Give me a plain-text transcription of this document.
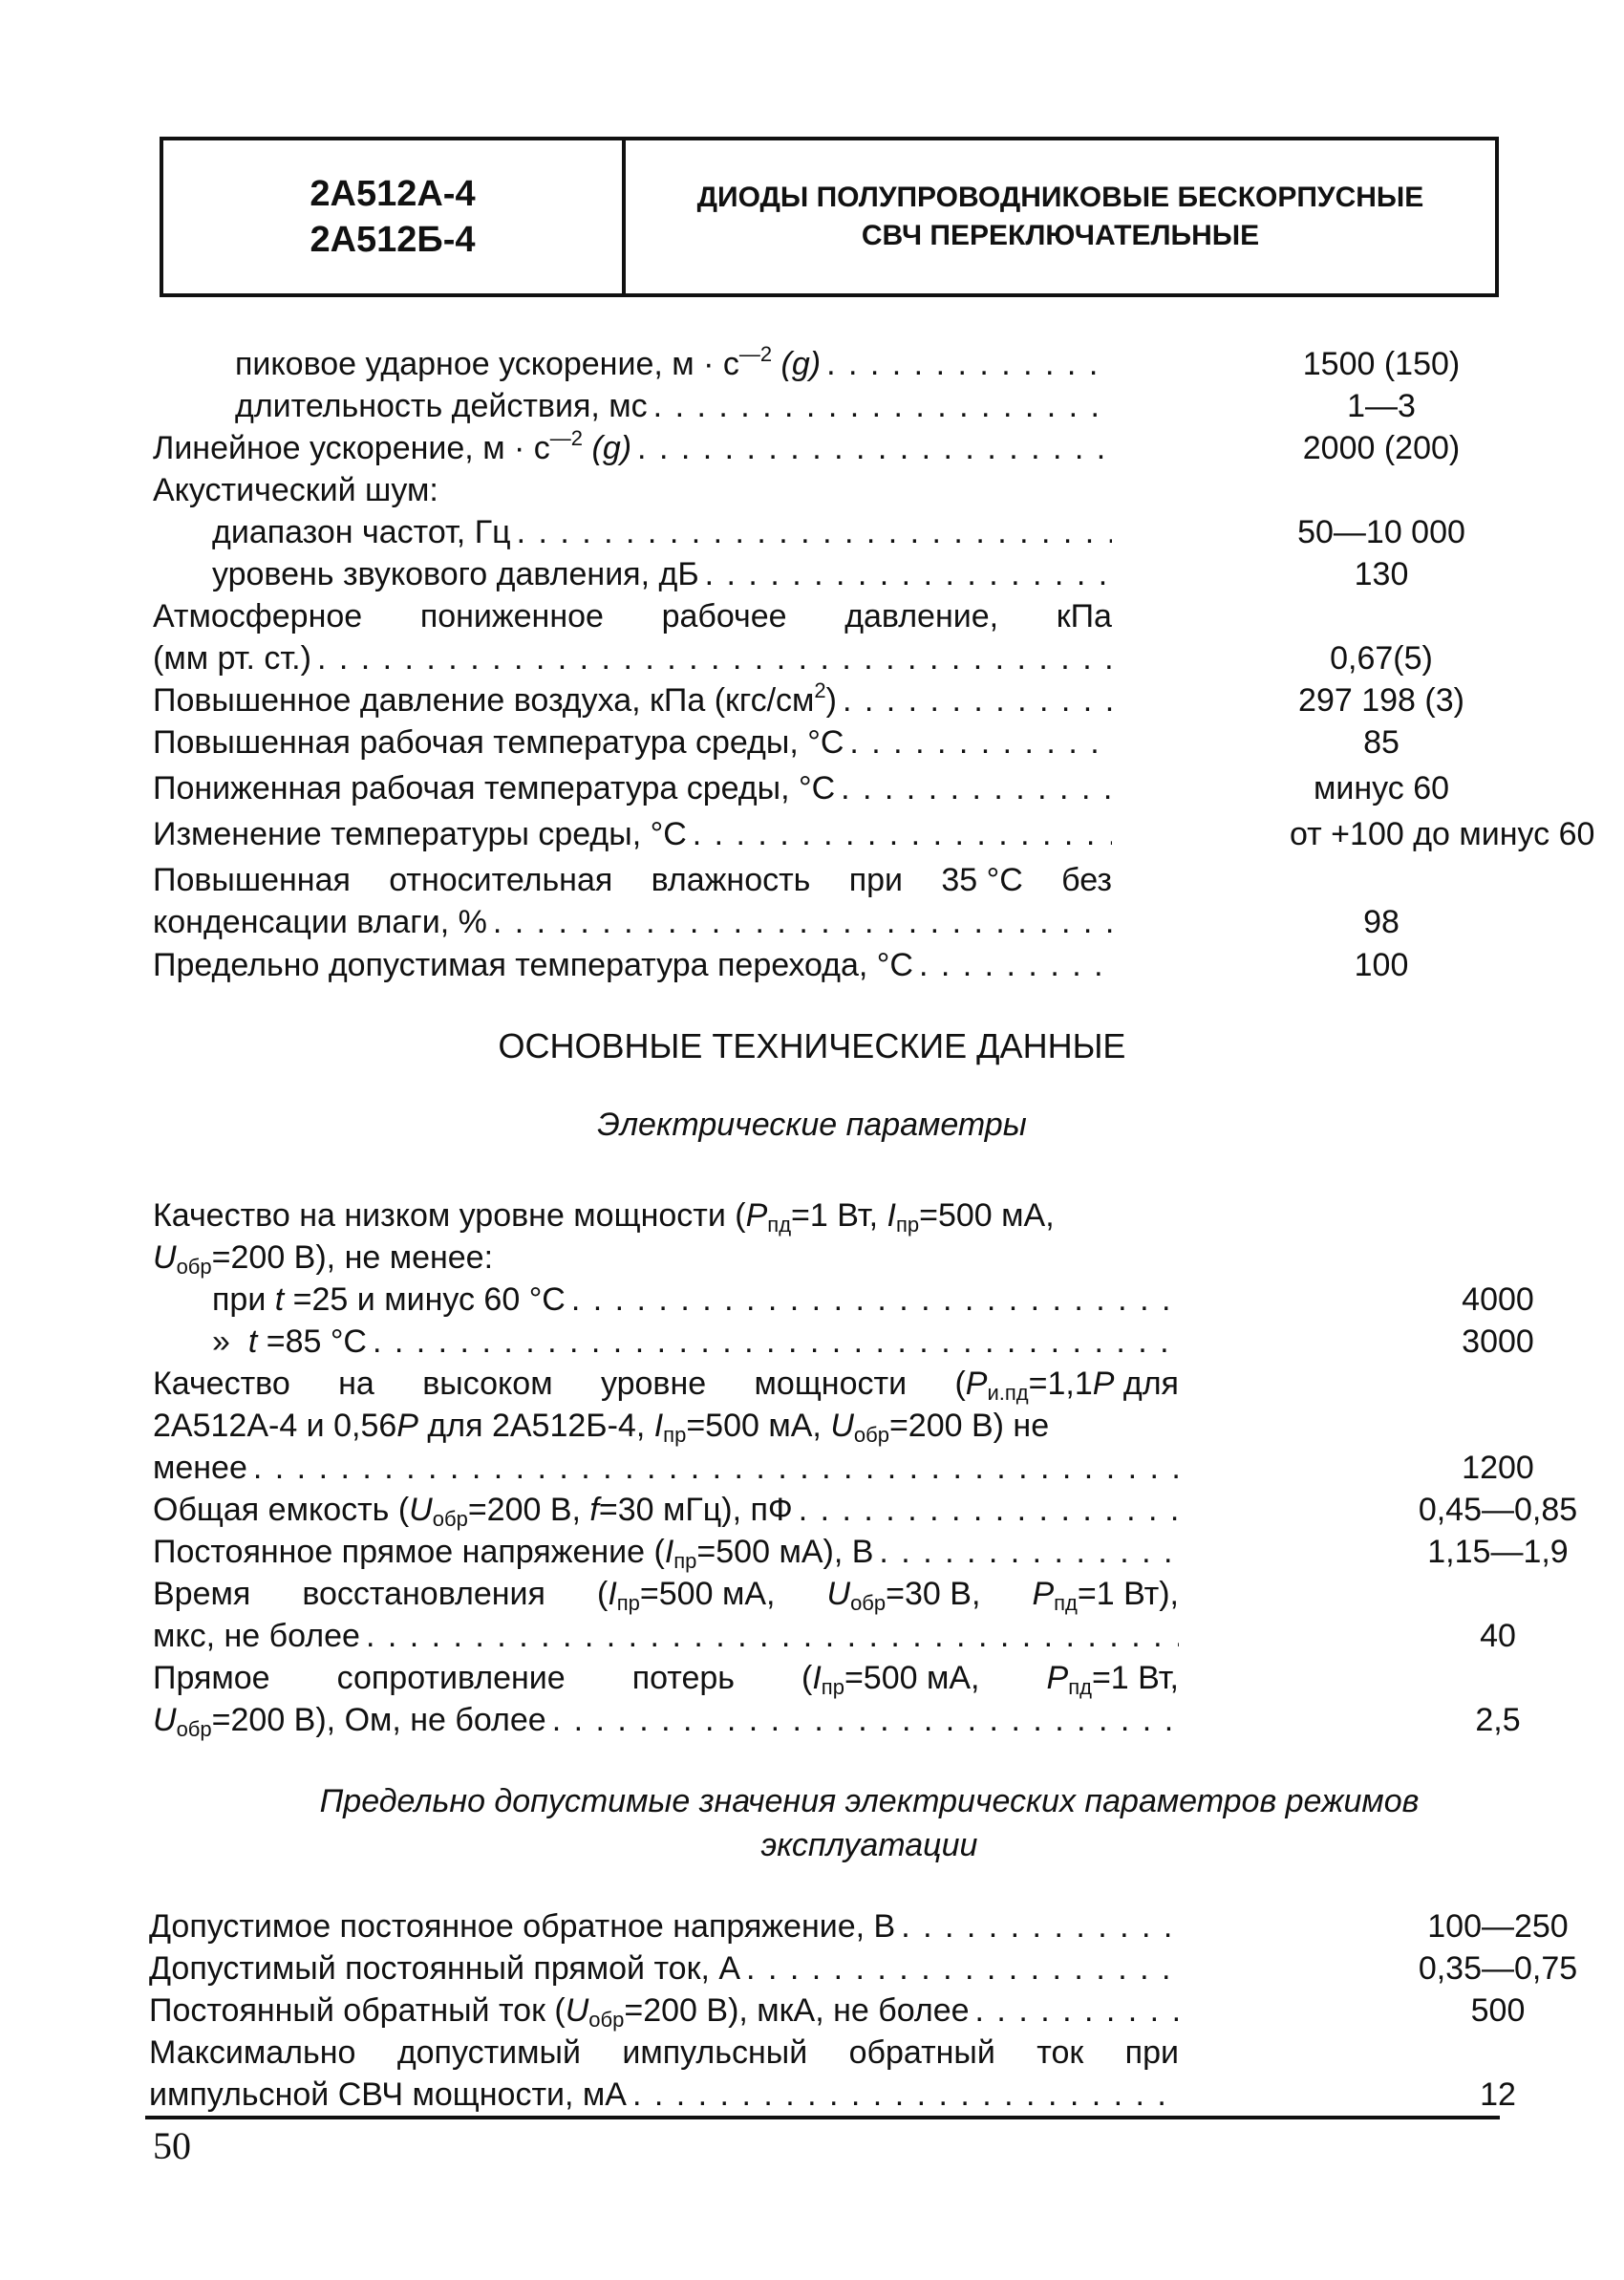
2А512А-4
2А512Б-4
ДИОДЫ ПОЛУПРОВОДНИКОВЫЕ БЕСКОРПУСНЫЕ
СВЧ ПЕРЕКЛЮЧАТЕЛЬНЫЕ
пиковое ударное ускорение, $м \cdot с^{—2}$ (g) . . .	1500 (150)
длительность действия, мс . . .	1—3
Линейное ускорение, $м \cdot с^{—2}$ (g) . . .	2000 (200)
Акустический шум:
диапазон частот, Гц . . .	50—10 000
уровень звукового давления, дБ . . .	130
Атмосферное пониженное рабочее давление, кПа
(мм рт. ст.) . . .	0,67(5)
Повышенное давление воздуха, кПа $(кгс/см^2)$ . . .	297 198 (3)
Повышенная рабочая температура среды, °С . . .	85
Пониженная рабочая температура среды, °С . . .	минус 60
Изменение температуры среды, °С . . .	от +100 до минус 60
Повышенная относительная влажность при 35 °С без
конденсации влаги, % . . .	98
Предельно допустимая температура перехода, °С . . .	100
ОСНОВНЫЕ ТЕХНИЧЕСКИЕ ДАННЫЕ
Электрические параметры
Качество на низком уровне мощности ($P_{пд}=1$ Вт, $I_{пр}=500$ мА,
$U_{обр}=200$ В), не менее:
при t =25 и минус 60 °С . . .	4000
»  t =85 °С . . .	3000
Качество на высоком уровне мощности ($P_{и.пд}=1,1P$ для
2А512А-4 и 0,56P для 2А512Б-4, $I_{пр}=500$ мА, $U_{обр}=200$ В) не
менее . . .	1200
Общая емкость ($U_{обр}=200$ В, f=30 мГц), пФ . . .	0,45—0,85
Постоянное прямое напряжение ($I_{пр}=500$ мА), В . . .	1,15—1,9
Время восстановления ($I_{пр}=500$ мА, $U_{обр}=30$ В, $P_{пд}=1$ Вт),
мкс, не более . . .	40
Прямое сопротивление потерь ($I_{пр}=500$ мА, $P_{пд}=1$ Вт,
$U_{обр}=200$ В), Ом, не более . . .	2,5
Предельно допустимые значения электрических параметров режимов
эксплуатации
Допустимое постоянное обратное напряжение, В . . .	100—250
Допустимый постоянный прямой ток, А . . .	0,35—0,75
Постоянный обратный ток ($U_{обр}=200$ В), мкА, не более . . .	500
Максимально допустимый импульсный обратный ток при
импульсной СВЧ мощности, мА . . .	12
50
